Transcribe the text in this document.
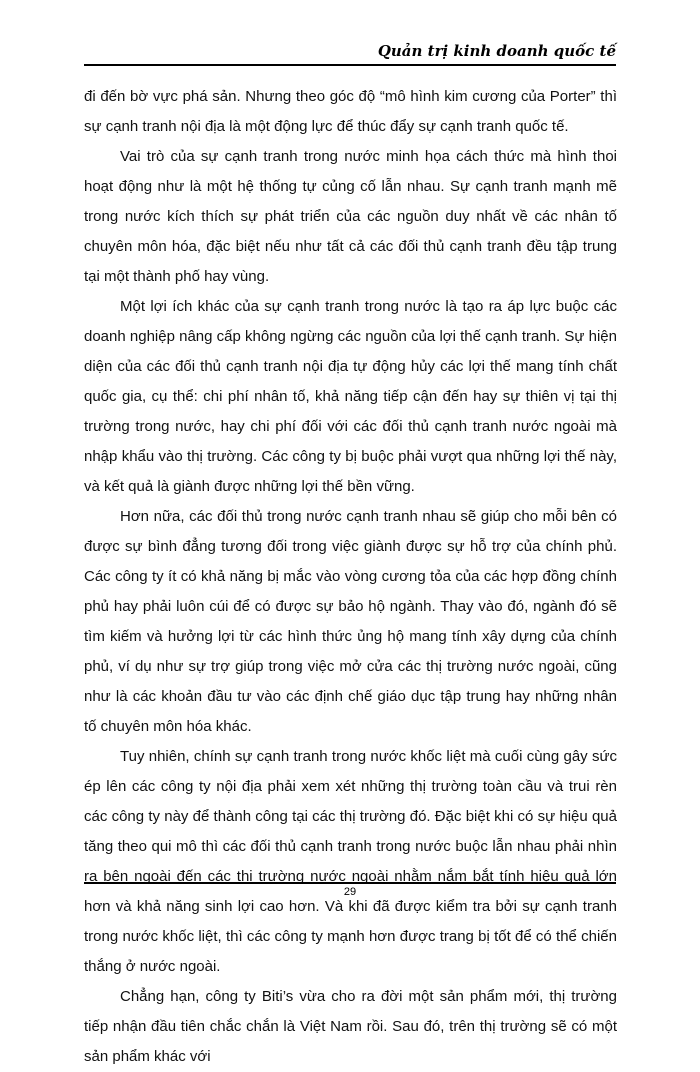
Quản trị kinh doanh quốc tế

đi đến bờ vực phá sản. Nhưng theo góc độ “mô hình kim cương của Porter” thì sự cạnh tranh nội địa là một động lực để thúc đẩy sự cạnh tranh quốc tế.

Vai trò của sự cạnh tranh trong nước minh họa cách thức mà hình thoi hoạt động như là một hệ thống tự củng cố lẫn nhau. Sự cạnh tranh mạnh mẽ trong nước kích thích sự phát triển của các nguồn duy nhất về các nhân tố chuyên môn hóa, đặc biệt nếu như tất cả các đối thủ cạnh tranh đều tập trung tại một thành phố hay vùng.

Một lợi ích khác của sự cạnh tranh trong nước là tạo ra áp lực buộc các doanh nghiệp nâng cấp không ngừng các nguồn của lợi thế cạnh tranh. Sự hiện diện của các đối thủ cạnh tranh nội địa tự động hủy các lợi thế mang tính chất quốc gia, cụ thể: chi phí nhân tố, khả năng tiếp cận đến hay sự thiên vị tại thị trường trong nước, hay chi phí đối với các đối thủ cạnh tranh nước ngoài mà nhập khẩu vào thị trường. Các công ty bị buộc phải vượt qua những lợi thế này, và kết quả là giành được những lợi thế bền vững.

Hơn nữa, các đối thủ trong nước cạnh tranh nhau sẽ giúp cho mỗi bên có được sự bình đẳng tương đối trong việc giành được sự hỗ trợ của chính phủ. Các công ty ít có khả năng bị mắc vào vòng cương tỏa của các hợp đồng chính phủ hay phải luôn cúi để có được sự bảo hộ ngành. Thay vào đó, ngành đó sẽ tìm kiếm và hưởng lợi từ các hình thức ủng hộ mang tính xây dựng của chính phủ, ví dụ như sự trợ giúp trong việc mở cửa các thị trường nước ngoài, cũng như là các khoản đầu tư vào các định chế giáo dục tập trung hay những nhân tố chuyên môn hóa khác.

Tuy nhiên, chính sự cạnh tranh trong nước khốc liệt mà cuối cùng gây sức ép lên các công ty nội địa phải xem xét những thị trường toàn cầu và trui rèn các công ty này để thành công tại các thị trường đó. Đặc biệt khi có sự hiệu quả tăng theo qui mô thì các đối thủ cạnh tranh trong nước buộc lẫn nhau phải nhìn ra bên ngoài đến các thị trường nước ngoài nhằm nắm bắt tính hiệu quả lớn hơn và khả năng sinh lợi cao hơn. Và khi đã được kiểm tra bởi sự cạnh tranh trong nước khốc liệt, thì các công ty mạnh hơn được trang bị tốt để có thể chiến thắng ở nước ngoài.

Chẳng hạn, công ty Biti’s vừa cho ra đời một sản phẩm mới, thị trường tiếp nhận đầu tiên chắc chắn là Việt Nam rồi. Sau đó, trên thị trường sẽ có một sản phẩm khác với

29
